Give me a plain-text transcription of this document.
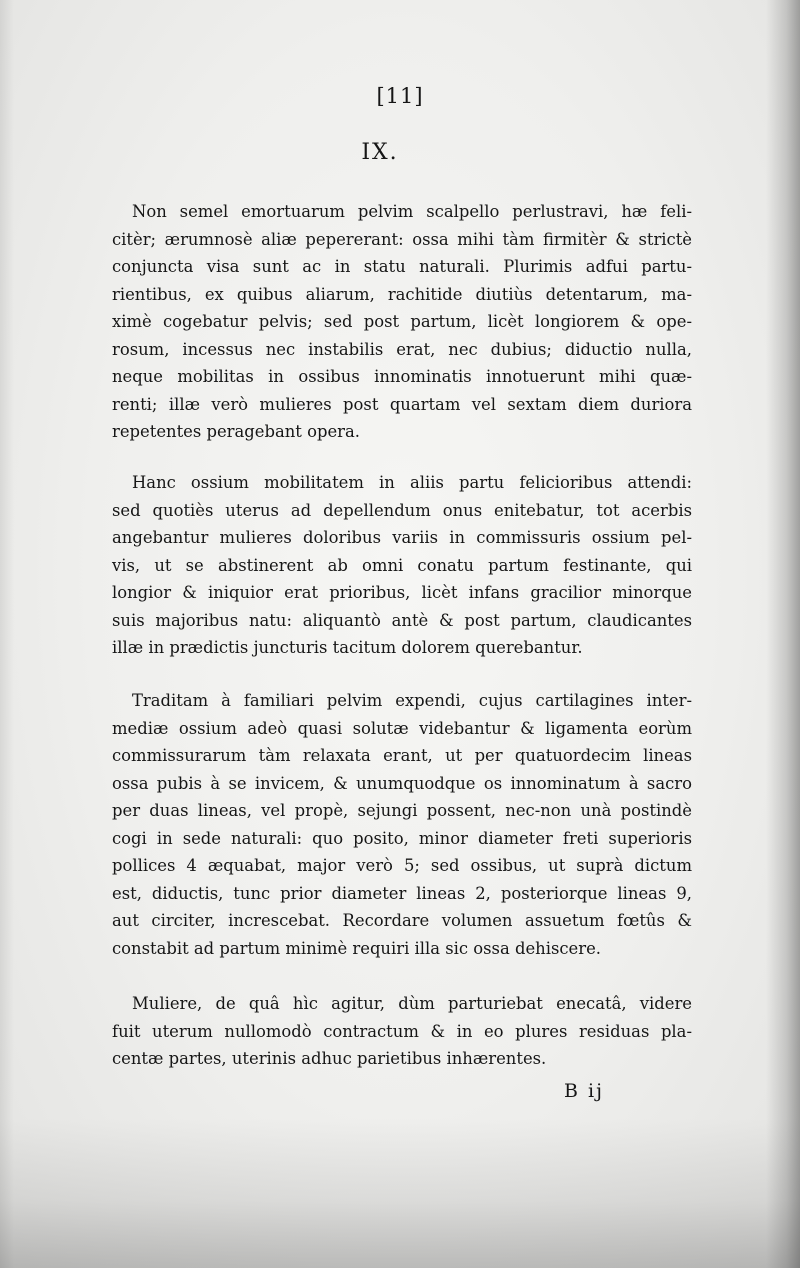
[11]
IX.
Non semel emortuarum pelvim scalpello perlustravi, hæ feli-
citèr; ærumnosè aliæ pepererant: ossa mihi tàm firmitèr & strictè
conjuncta visa sunt ac in statu naturali. Plurimis adfui partu-
rientibus, ex quibus aliarum, rachitide diutiùs detentarum, ma-
ximè cogebatur pelvis; sed post partum, licèt longiorem & ope-
rosum, incessus nec instabilis erat, nec dubius; diductio nulla,
neque mobilitas in ossibus innominatis innotuerunt mihi quæ-
renti; illæ verò mulieres post quartam vel sextam diem duriora
repetentes peragebant opera.
Hanc ossium mobilitatem in aliis partu felicioribus attendi:
sed quotiès uterus ad depellendum onus enitebatur, tot acerbis
angebantur mulieres doloribus variis in commissuris ossium pel-
vis, ut se abstinerent ab omni conatu partum festinante, qui
longior & iniquior erat prioribus, licèt infans gracilior minorque
suis majoribus natu: aliquantò antè & post partum, claudicantes
illæ in prædictis juncturis tacitum dolorem querebantur.
Traditam à familiari pelvim expendi, cujus cartilagines inter-
mediæ ossium adeò quasi solutæ videbantur & ligamenta eorùm
commissurarum tàm relaxata erant, ut per quatuordecim lineas
ossa pubis à se invicem, & unumquodque os innominatum à sacro
per duas lineas, vel propè, sejungi possent, nec-non unà postindè
cogi in sede naturali: quo posito, minor diameter freti superioris
pollices 4 æquabat, major verò 5; sed ossibus, ut suprà dictum
est, diductis, tunc prior diameter lineas 2, posteriorque lineas 9,
aut circiter, increscebat. Recordare volumen assuetum fœtûs &
constabit ad partum minimè requiri illa sic ossa dehiscere.
Muliere, de quâ hìc agitur, dùm parturiebat enecatâ, videre
fuit uterum nullomodò contractum & in eo plures residuas pla-
centæ partes, uterinis adhuc parietibus inhærentes.
B ij
